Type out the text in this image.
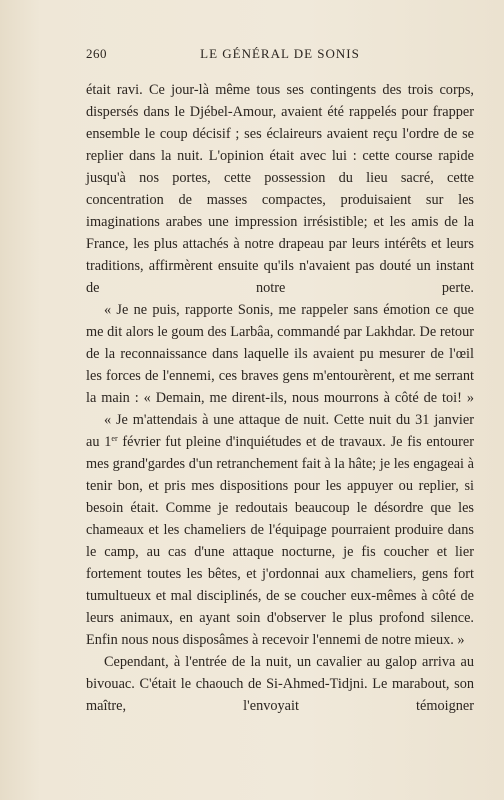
260	LE GÉNÉRAL DE SONIS

était ravi. Ce jour-là même tous ses contingents des trois corps, dispersés dans le Djébel-Amour, avaient été rappelés pour frapper ensemble le coup décisif ; ses éclaireurs avaient reçu l'ordre de se replier dans la nuit. L'opinion était avec lui : cette course rapide jusqu'à nos portes, cette possession du lieu sacré, cette concentration de masses compactes, produisaient sur les imaginations arabes une impression irrésistible; et les amis de la France, les plus attachés à notre drapeau par leurs intérêts et leurs traditions, affirmèrent ensuite qu'ils n'avaient pas douté un instant de notre perte.

« Je ne puis, rapporte Sonis, me rappeler sans émotion ce que me dit alors le goum des Larbâa, commandé par Lakhdar. De retour de la reconnaissance dans laquelle ils avaient pu mesurer de l'œil les forces de l'ennemi, ces braves gens m'entourèrent, et me serrant la main : « Demain, me dirent-ils, nous mourrons à côté de toi! »

« Je m'attendais à une attaque de nuit. Cette nuit du 31 janvier au 1er février fut pleine d'inquiétudes et de travaux. Je fis entourer mes grand'gardes d'un retranchement fait à la hâte; je les engageai à tenir bon, et pris mes dispositions pour les appuyer ou replier, si besoin était. Comme je redoutais beaucoup le désordre que les chameaux et les chameliers de l'équipage pourraient produire dans le camp, au cas d'une attaque nocturne, je fis coucher et lier fortement toutes les bêtes, et j'ordonnai aux chameliers, gens fort tumultueux et mal disciplinés, de se coucher eux-mêmes à côté de leurs animaux, en ayant soin d'observer le plus profond silence. Enfin nous nous disposâmes à recevoir l'ennemi de notre mieux. »

Cependant, à l'entrée de la nuit, un cavalier au galop arriva au bivouac. C'était le chaouch de Si-Ahmed-Tidjni. Le marabout, son maître, l'envoyait témoigner
